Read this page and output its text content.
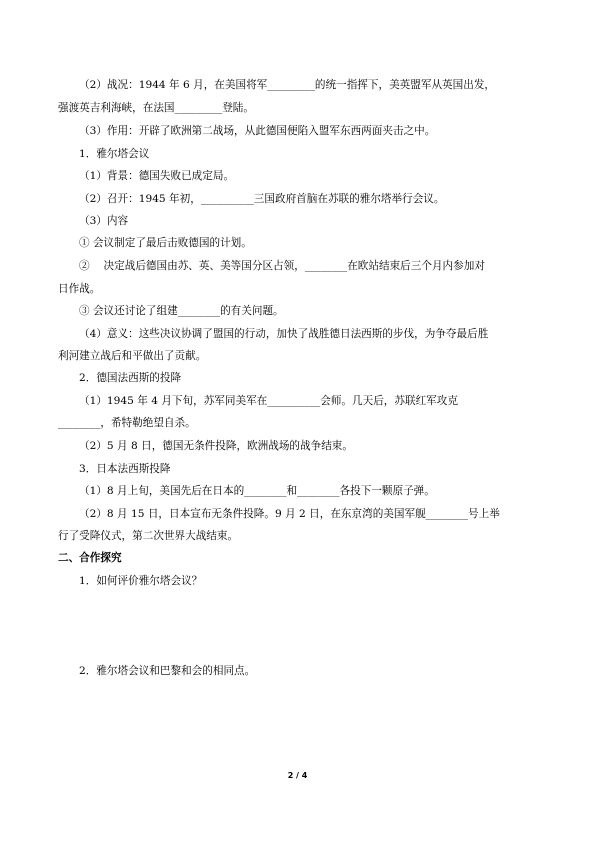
（2）战况：1944 年 6 月，在美国将军_________的统一指挥下，美英盟军从英国出发，
强渡英吉利海峡，在法国_________登陆。
（3）作用：开辟了欧洲第二战场，从此德国便陷入盟军东西两面夹击之中。
1．雅尔塔会议
（1）背景：德国失败已成定局。
（2）召开：1945 年初，__________三国政府首脑在苏联的雅尔塔举行会议。
（3）内容
① 会议制定了最后击败德国的计划。
②　 决定战后德国由苏、英、美等国分区占领，________在欧站结束后三个月内参加对
日作战。
③ 会议还讨论了组建________的有关问题。
（4）意义：这些决议协调了盟国的行动，加快了战胜德日法西斯的步伐，为争夺最后胜
利河建立战后和平做出了贡献。
2．德国法西斯的投降
（1）1945 年 4 月下旬，苏军同美军在__________会师。几天后，苏联红军攻克
________，希特勒绝望自杀。
（2）5 月 8 日，德国无条件投降，欧洲战场的战争结束。
3．日本法西斯投降
（1）8 月上旬，美国先后在日本的________和________各投下一颗原子弹。
（2）8 月 15 日，日本宣布无条件投降。9 月 2 日，在东京湾的美国军舰________号上举
行了受降仪式，第二次世界大战结束。
二、合作探究
1．如何评价雅尔塔会议？
2．雅尔塔会议和巴黎和会的相同点。
2 / 4
